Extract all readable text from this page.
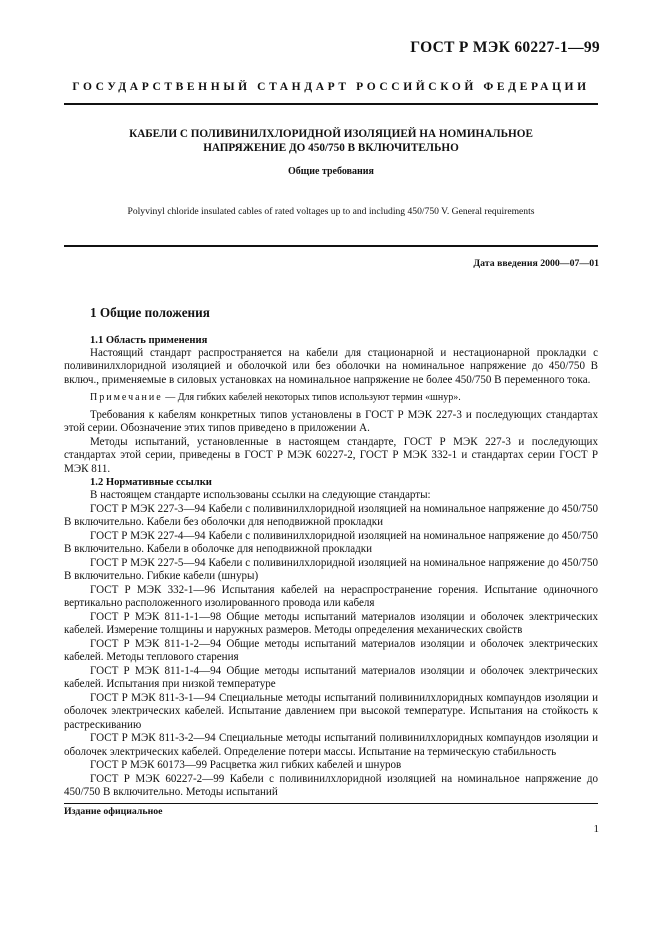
ГОСТ Р МЭК 60227-1—99
ГОСУДАРСТВЕННЫЙ СТАНДАРТ РОССИЙСКОЙ ФЕДЕРАЦИИ
КАБЕЛИ С ПОЛИВИНИЛХЛОРИДНОЙ ИЗОЛЯЦИЕЙ НА НОМИНАЛЬНОЕ
НАПРЯЖЕНИЕ ДО 450/750 В ВКЛЮЧИТЕЛЬНО
Общие требования
Polyvinyl chloride insulated cables of rated voltages up to and including 450/750 V. General requirements
Дата введения 2000—07—01
1 Общие положения
1.1 Область применения

Настоящий стандарт распространяется на кабели для стационарной и нестационарной прокладки с поливинилхлоридной изоляцией и оболочкой или без оболочки на номинальное напряжение до 450/750 В включ., применяемые в силовых установках на номинальное напряжение не более 450/750 В переменного тока.

Примечание — Для гибких кабелей некоторых типов используют термин «шнур».

Требования к кабелям конкретных типов установлены в ГОСТ Р МЭК 227-3 и последующих стандартах этой серии. Обозначение этих типов приведено в приложении А.

Методы испытаний, установленные в настоящем стандарте, ГОСТ Р МЭК 227-3 и последующих стандартах этой серии, приведены в ГОСТ Р МЭК 60227-2, ГОСТ Р МЭК 332-1 и стандартах серии ГОСТ Р МЭК 811.

1.2 Нормативные ссылки

В настоящем стандарте использованы ссылки на следующие стандарты:

ГОСТ Р МЭК 227-3—94 Кабели с поливинилхлоридной изоляцией на номинальное напряжение до 450/750 В включительно. Кабели без оболочки для неподвижной прокладки

ГОСТ Р МЭК 227-4—94 Кабели с поливинилхлоридной изоляцией на номинальное напряжение до 450/750 В включительно. Кабели в оболочке для неподвижной прокладки

ГОСТ Р МЭК 227-5—94 Кабели с поливинилхлоридной изоляцией на номинальное напряжение до 450/750 В включительно. Гибкие кабели (шнуры)

ГОСТ Р МЭК 332-1—96 Испытания кабелей на нераспространение горения. Испытание одиночного вертикально расположенного изолированного провода или кабеля

ГОСТ Р МЭК 811-1-1—98 Общие методы испытаний материалов изоляции и оболочек электрических кабелей. Измерение толщины и наружных размеров. Методы определения механических свойств

ГОСТ Р МЭК 811-1-2—94 Общие методы испытаний материалов изоляции и оболочек электрических кабелей. Методы теплового старения

ГОСТ Р МЭК 811-1-4—94 Общие методы испытаний материалов изоляции и оболочек электрических кабелей. Испытания при низкой температуре

ГОСТ Р МЭК 811-3-1—94 Специальные методы испытаний поливинилхлоридных компаундов изоляции и оболочек электрических кабелей. Испытание давлением при высокой температуре. Испытания на стойкость к растрескиванию

ГОСТ Р МЭК 811-3-2—94 Специальные методы испытаний поливинилхлоридных компаундов изоляции и оболочек электрических кабелей. Определение потери массы. Испытание на термическую стабильность

ГОСТ Р МЭК 60173—99 Расцветка жил гибких кабелей и шнуров

ГОСТ Р МЭК 60227-2—99 Кабели с поливинилхлоридной изоляцией на номинальное напряжение до 450/750 В включительно. Методы испытаний

Издание официальное
1
